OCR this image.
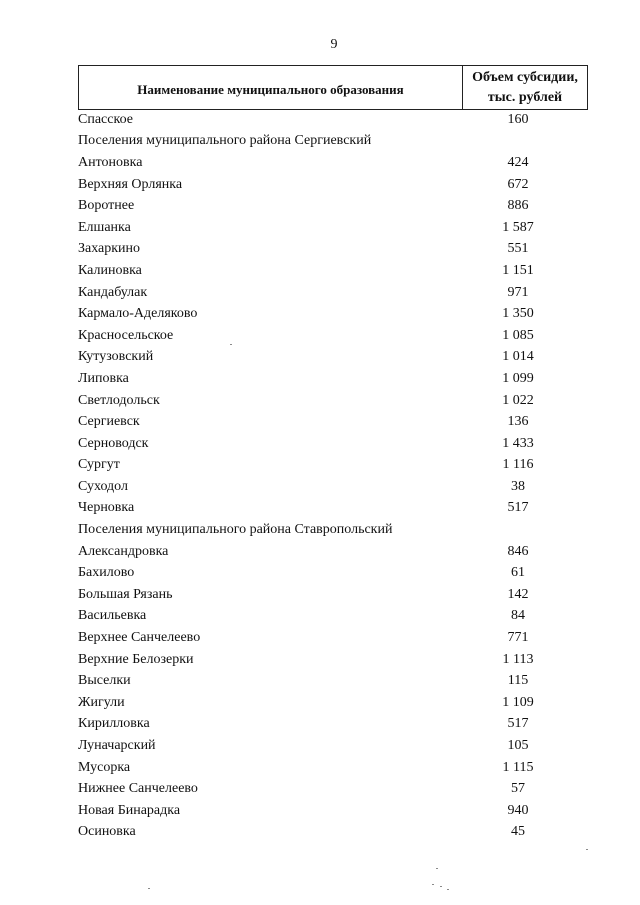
9
Наименование муниципального образования
Объем субсидии,
тыс. рублей
Спасское	160
Поселения муниципального района Сергиевский
Антоновка	424
Верхняя Орлянка	672
Воротнее	886
Елшанка	1 587
Захаркино	551
Калиновка	1 151
Кандабулак	971
Кармало-Аделяково	1 350
Красносельское	1 085
Кутузовский	1 014
Липовка	1 099
Светлодольск	1 022
Сергиевск	136
Серноводск	1 433
Сургут	1 116
Суходол	38
Черновка	517
Поселения муниципального района Ставропольский
Александровка	846
Бахилово	61
Большая Рязань	142
Васильевка	84
Верхнее Санчелеево	771
Верхние Белозерки	1 113
Выселки	115
Жигули	1 109
Кирилловка	517
Луначарский	105
Мусорка	1 115
Нижнее Санчелеево	57
Новая Бинарадка	940
Осиновка	45
